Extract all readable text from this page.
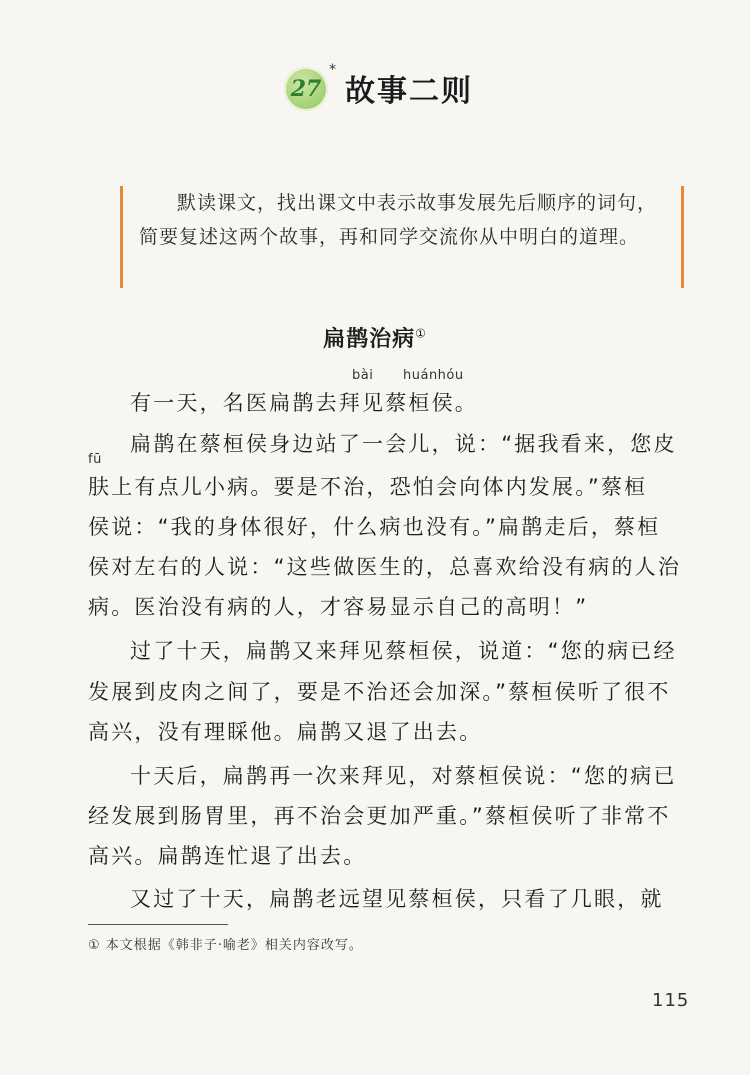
27
*
故事二则

默读课文，找出课文中表示故事发展先后顺序的词句，简要复述这两个故事，再和同学交流你从中明白的道理。

扁鹊治病①
bài huánhóu
fū
有一天，名医扁鹊去拜见蔡桓侯。
扁鹊在蔡桓侯身边站了一会儿，说：“据我看来，您皮
肤上有点儿小病。要是不治，恐怕会向体内发展。”蔡桓
侯说：“我的身体很好，什么病也没有。”扁鹊走后，蔡桓
侯对左右的人说：“这些做医生的，总喜欢给没有病的人治
病。医治没有病的人，才容易显示自己的高明！”
过了十天，扁鹊又来拜见蔡桓侯，说道：“您的病已经
发展到皮肉之间了，要是不治还会加深。”蔡桓侯听了很不
高兴，没有理睬他。扁鹊又退了出去。
十天后，扁鹊再一次来拜见，对蔡桓侯说：“您的病已
经发展到肠胃里，再不治会更加严重。”蔡桓侯听了非常不
高兴。扁鹊连忙退了出去。
又过了十天，扁鹊老远望见蔡桓侯，只看了几眼，就
① 本文根据《韩非子·喻老》相关内容改写。
115
